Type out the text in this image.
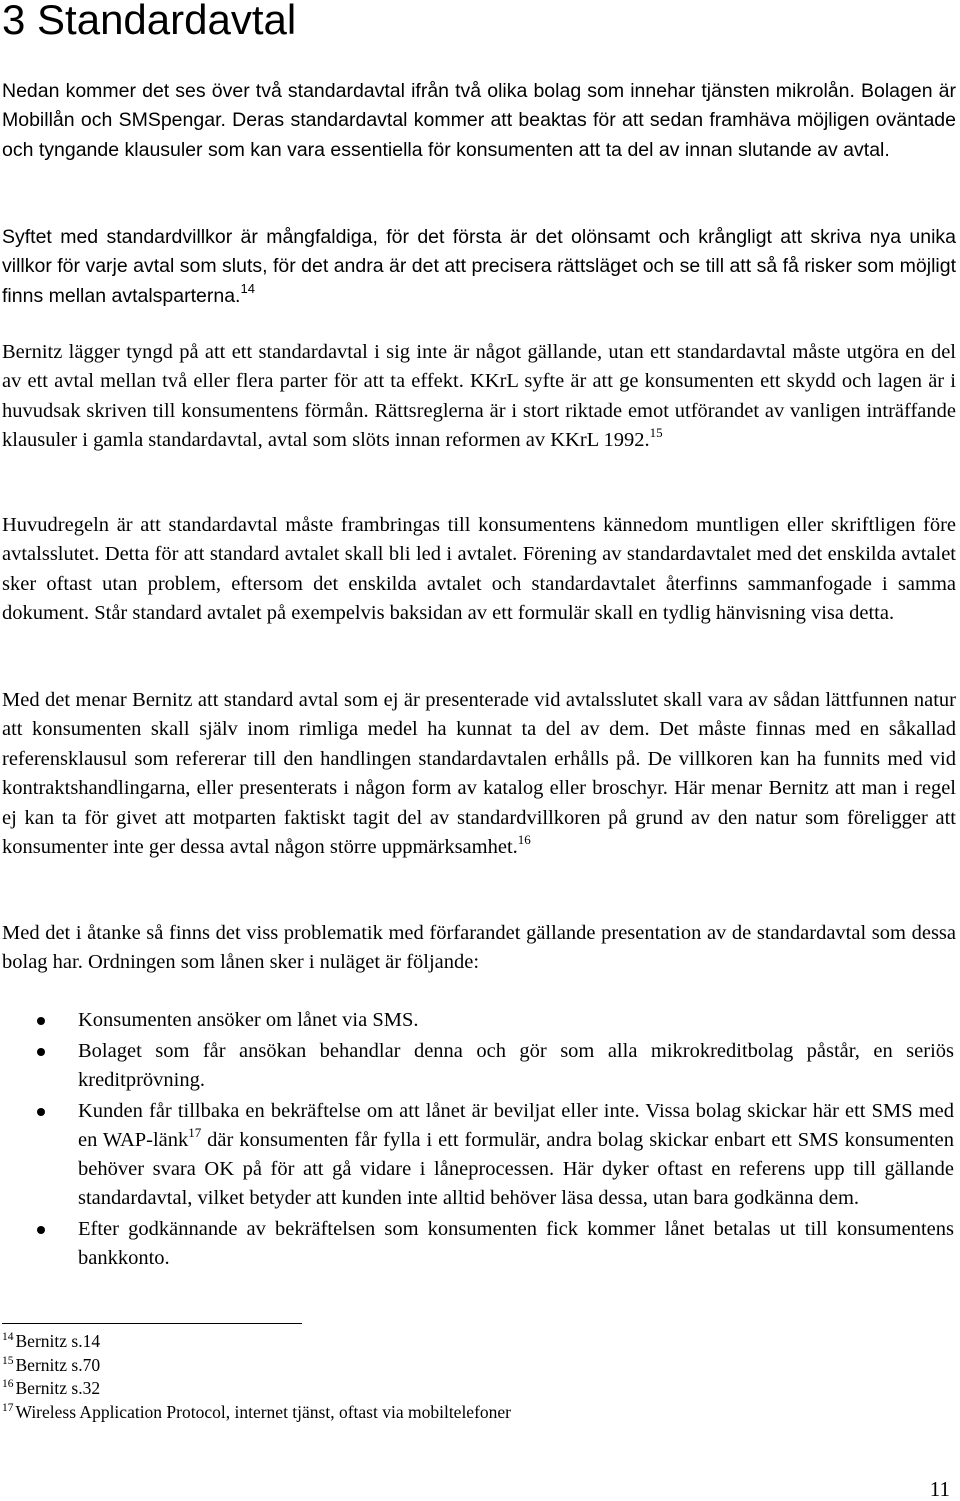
3 Standardavtal

Nedan kommer det ses över två standardavtal ifrån två olika bolag som innehar tjänsten mikrolån. Bolagen är Mobillån och SMSpengar. Deras standardavtal kommer att beaktas för att sedan framhäva möjligen oväntade och tyngande klausuler som kan vara essentiella för konsumenten att ta del av innan slutande av avtal.

Syftet med standardvillkor är mångfaldiga, för det första är det olönsamt och krångligt att skriva nya unika villkor för varje avtal som sluts, för det andra är det att precisera rättsläget och se till att så få risker som möjligt finns mellan avtalsparterna.$^{14}$

Bernitz lägger tyngd på att ett standardavtal i sig inte är något gällande, utan ett standardavtal måste utgöra en del av ett avtal mellan två eller flera parter för att ta effekt. KKrL syfte är att ge konsumenten ett skydd och lagen är i huvudsak skriven till konsumentens förmån. Rättsreglerna är i stort riktade emot utförandet av vanligen inträffande klausuler i gamla standardavtal, avtal som slöts innan reformen av KKrL 1992.15

Huvudregeln är att standardavtal måste frambringas till konsumentens kännedom muntligen eller skriftligen före avtalsslutet. Detta för att standard avtalet skall bli led i avtalet. Förening av standardavtalet med det enskilda avtalet sker oftast utan problem, eftersom det enskilda avtalet och standardavtalet återfinns sammanfogade i samma dokument. Står standard avtalet på exempelvis baksidan av ett formulär skall en tydlig hänvisning visa detta.

Med det menar Bernitz att standard avtal som ej är presenterade vid avtalsslutet skall vara av sådan lättfunnen natur att konsumenten skall själv inom rimliga medel ha kunnat ta del av dem. Det måste finnas med en såkallad referensklausul som refererar till den handlingen standardavtalen erhålls på. De villkoren kan ha funnits med vid kontraktshandlingarna, eller presenterats i någon form av katalog eller broschyr. Här menar Bernitz att man i regel ej kan ta för givet att motparten faktiskt tagit del av standardvillkoren på grund av den natur som föreligger att konsumenter inte ger dessa avtal någon större uppmärksamhet.$^{16}$

Med det i åtanke så finns det viss problematik med förfarandet gällande presentation av de standardavtal som dessa bolag har. Ordningen som lånen sker i nuläget är följande:

Konsumenten ansöker om lånet via SMS.
Bolaget som får ansökan behandlar denna och gör som alla mikrokreditbolag påstår, en seriös kreditprövning.
Kunden får tillbaka en bekräftelse om att lånet är beviljat eller inte. Vissa bolag skickar här ett SMS med en WAP-länk$^{17}$ där konsumenten får fylla i ett formulär, andra bolag skickar enbart ett SMS konsumenten behöver svara OK på för att gå vidare i låneprocessen. Här dyker oftast en referens upp till gällande standardavtal, vilket betyder att kunden inte alltid behöver läsa dessa, utan bara godkänna dem.
Efter godkännande av bekräftelsen som konsumenten fick kommer lånet betalas ut till konsumentens bankkonto.
$^{14}$ Bernitz s.14
$^{15}$ Bernitz s.70
$^{16}$ Bernitz s.32
$^{17}$ Wireless Application Protocol, internet tjänst, oftast via mobiltelefoner
11
